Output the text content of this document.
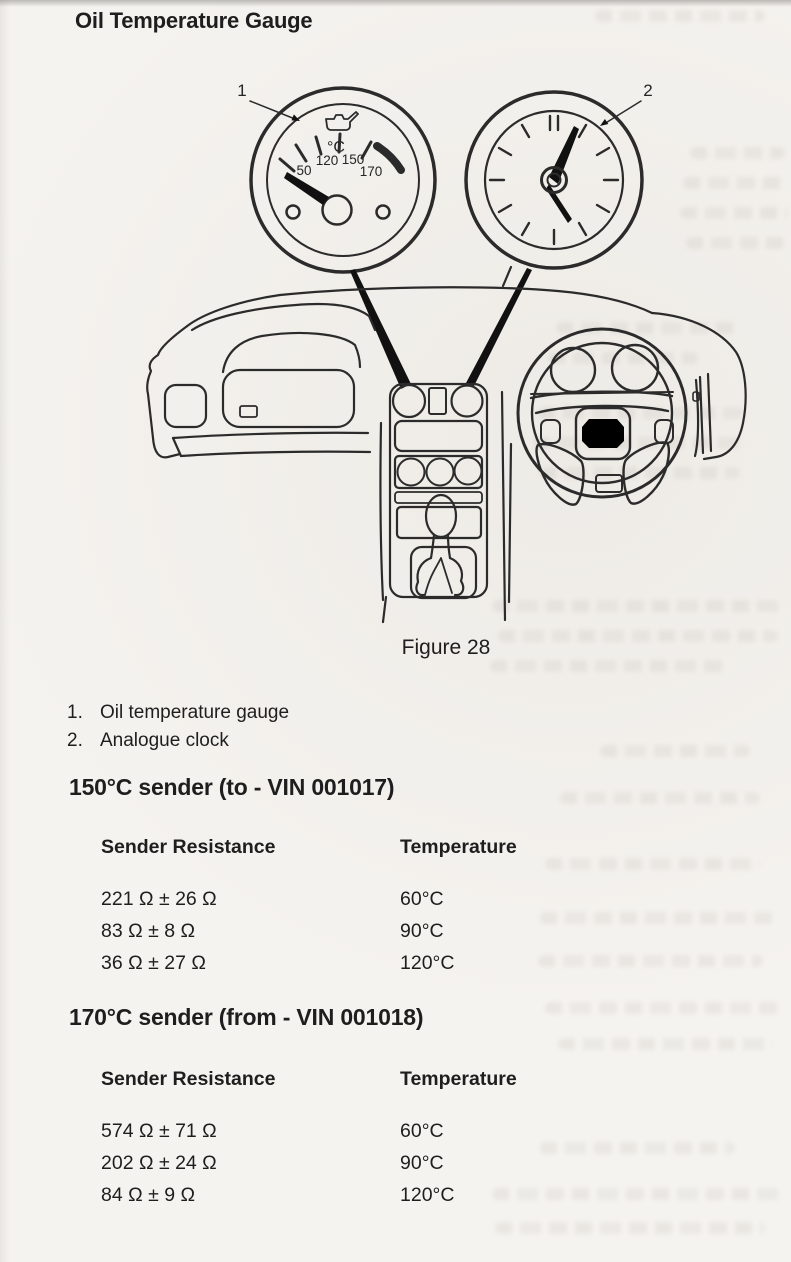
Oil Temperature Gauge
°C
50
120 150
170
1	2
Figure 28
1. Oil temperature gauge
2. Analogue clock
150°C sender (to - VIN 001017)
Sender Resistance	Temperature
221 Ω ± 26 Ω	60°C
83 Ω ± 8 Ω	90°C
36 Ω ± 27 Ω	120°C
170°C sender (from - VIN 001018)
Sender Resistance	Temperature
574 Ω ± 71 Ω	60°C
202 Ω ± 24 Ω	90°C
84 Ω ± 9 Ω	120°C
